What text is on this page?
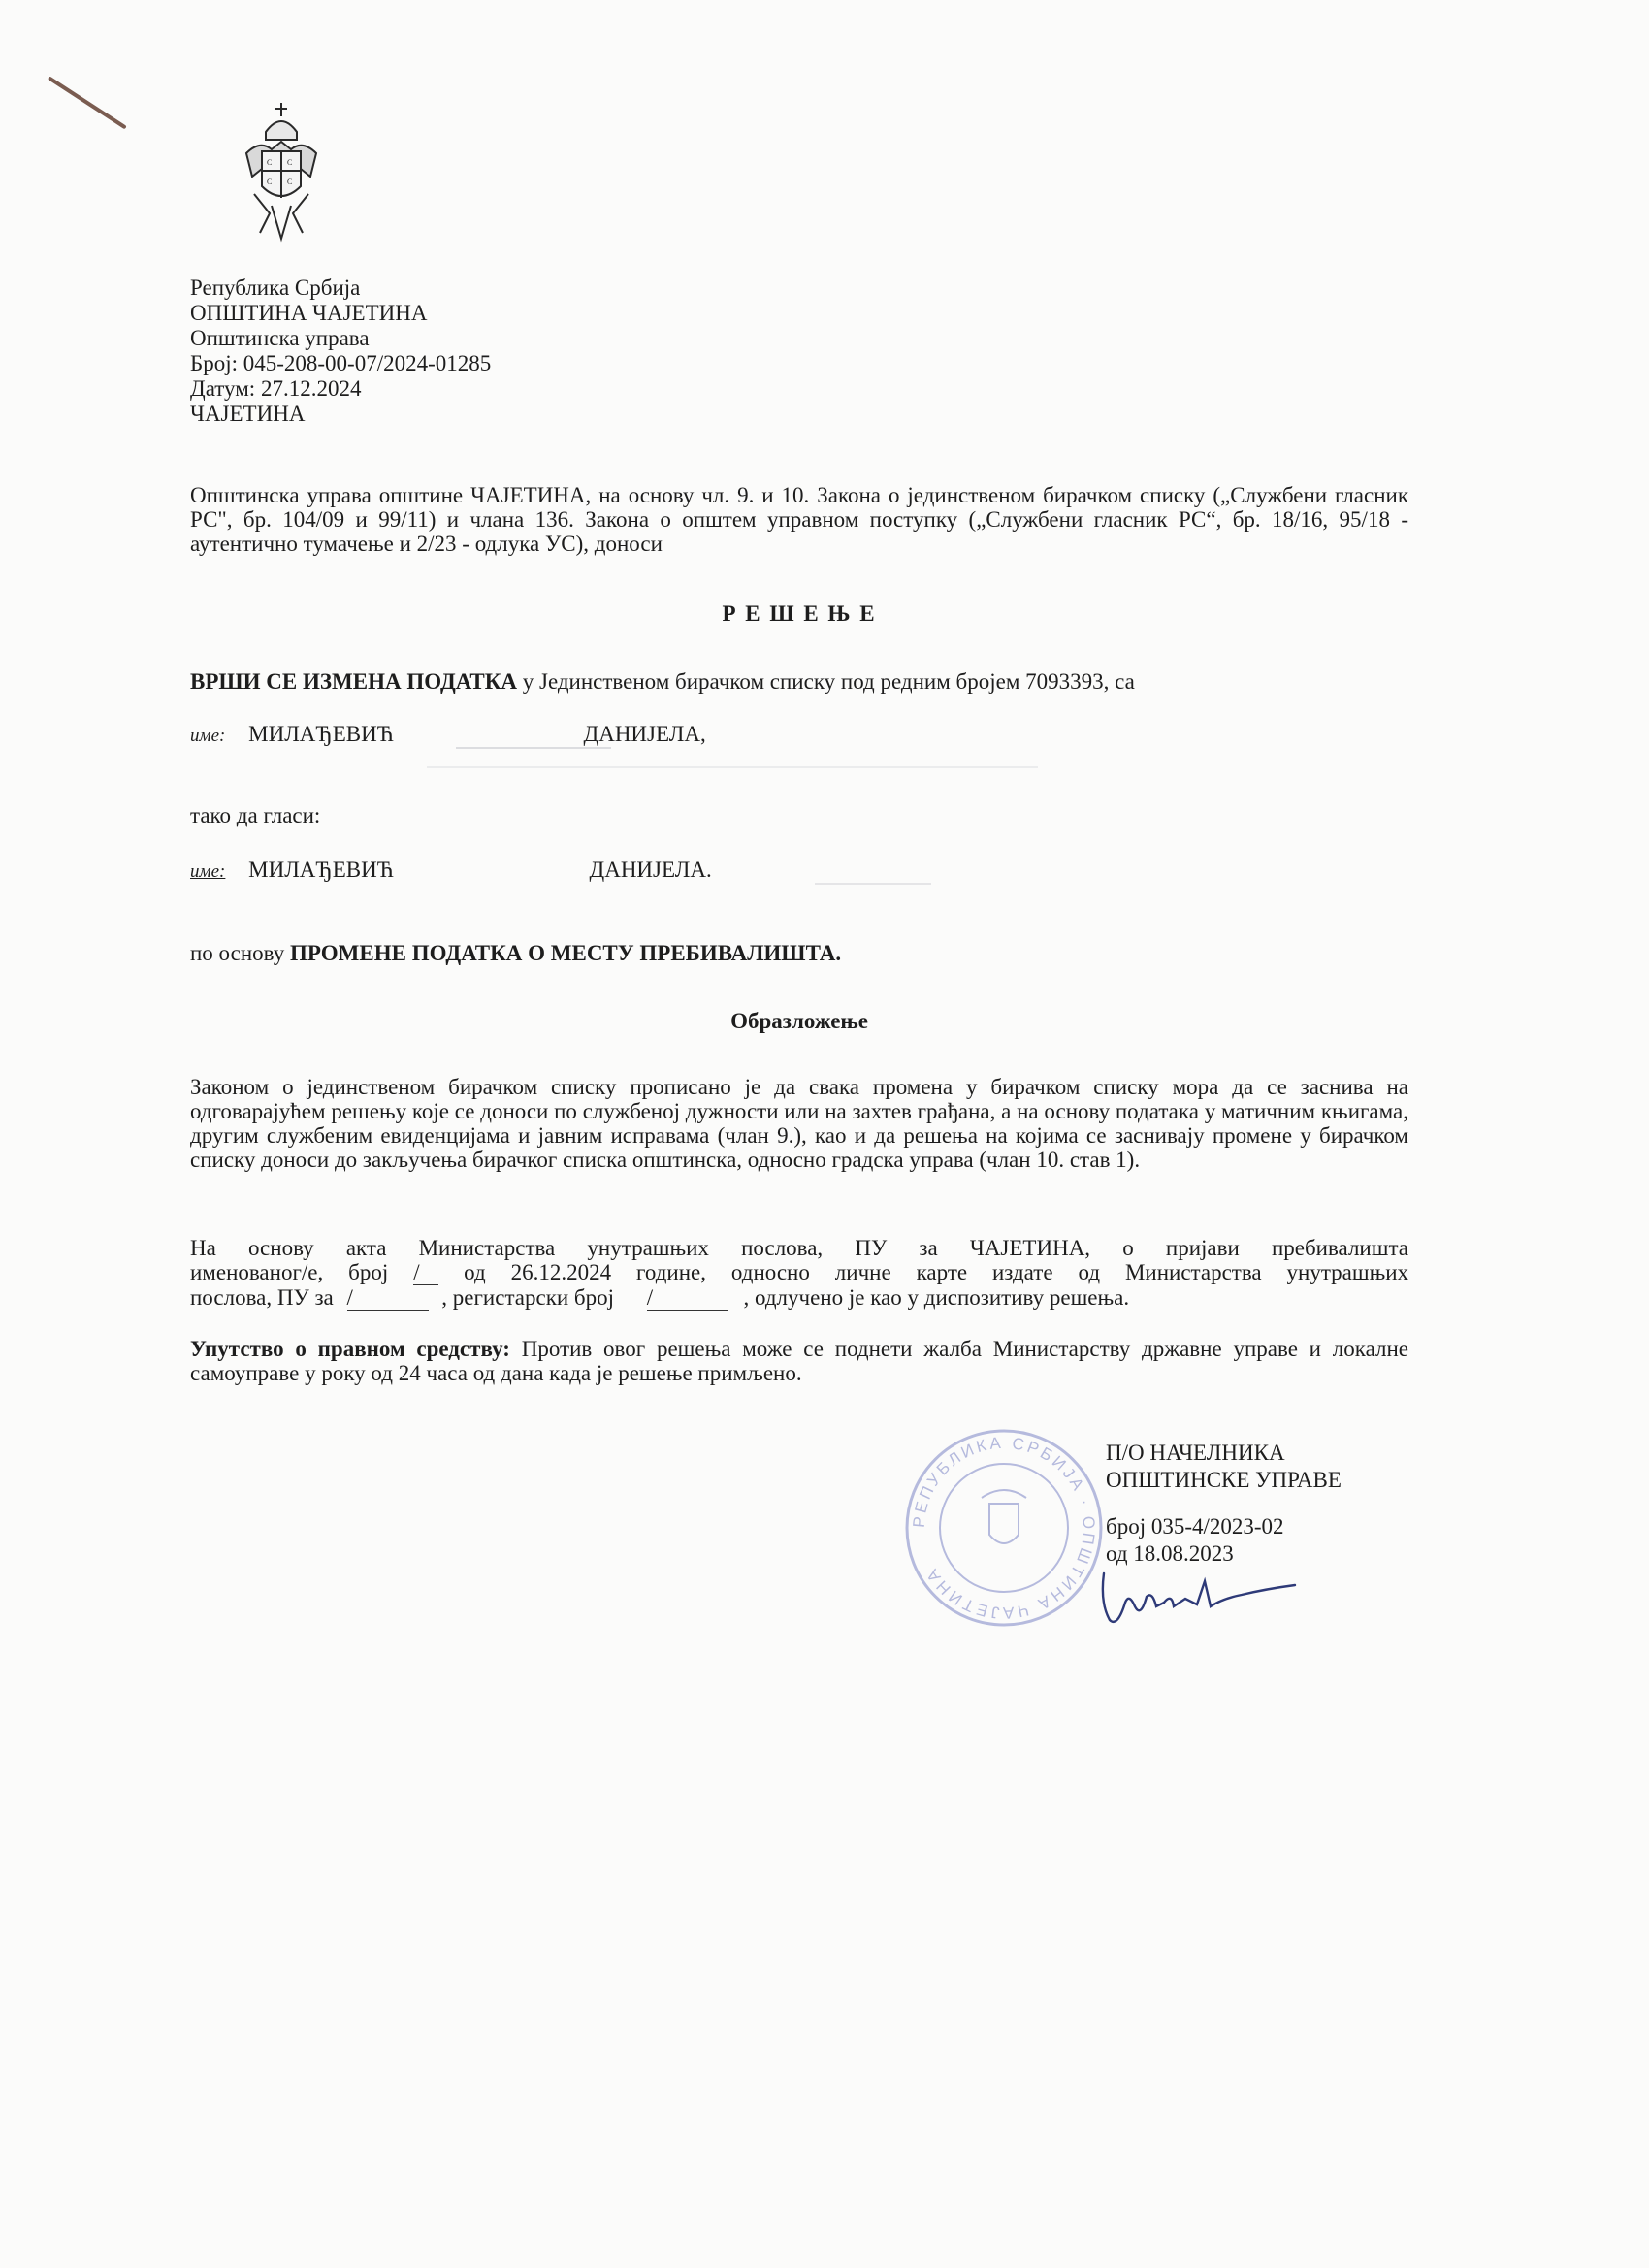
С С
С С
Република Србија
ОПШТИНА ЧАЈЕТИНА
Општинска управа
Број: 045-208-00-07/2024-01285
Датум: 27.12.2024
ЧАЈЕТИНА
Општинска управа општине ЧАЈЕТИНА, на основу чл. 9. и 10. Закона о јединственом бирачком списку („Службени гласник РС", бр. 104/09 и 99/11) и члана 136. Закона о општем управном поступку („Службени гласник РС“, бр. 18/16, 95/18 - аутентично тумачење и 2/23 - одлука УС), доноси
Р Е Ш Е Њ Е
ВРШИ СЕ ИЗМЕНА ПОДАТКА у Јединственом бирачком списку под редним бројем 7093393, са
име: МИЛАЂЕВИЋ	ДАНИЈЕЛА,
тако да гласи:
име: МИЛАЂЕВИЋ	ДАНИЈЕЛА.
по основу ПРОМЕНЕ ПОДАТКА О МЕСТУ ПРЕБИВАЛИШТА.
Образложење
Законом о јединственом бирачком списку прописано је да свака промена у бирачком списку мора да се заснива на одговарајућем решењу које се доноси по службеној дужности или на захтев грађана, а на основу података у матичним књигама, другим службеним евиденцијама и јавним исправама (члан 9.), као и да решења на којима се заснивају промене у бирачком списку доноси до закључења бирачког списка општинска, односно градска управа (члан 10. став 1).
На основу акта Министарства унутрашњих послова, ПУ за ЧАЈЕТИНА, о пријави пребивалишта
именованог/е, број / од 26.12.2024 године, односно личне карте издате од Министарства унутрашњих
послова, ПУ за /	, регистарски број /	, одлучено је као у диспозитиву решења.
Упутство о правном средству: Против овог решења може се поднети жалба Министарству државне управе и локалне самоуправе у року од 24 часа од дана када је решење примљено.
РЕПУБЛИКА СРБИЈА · ОПШТИНА ЧАЈЕТИНА
П/О НАЧЕЛНИКА
ОПШТИНСКЕ УПРАВЕ
број 035-4/2023-02
од 18.08.2023
